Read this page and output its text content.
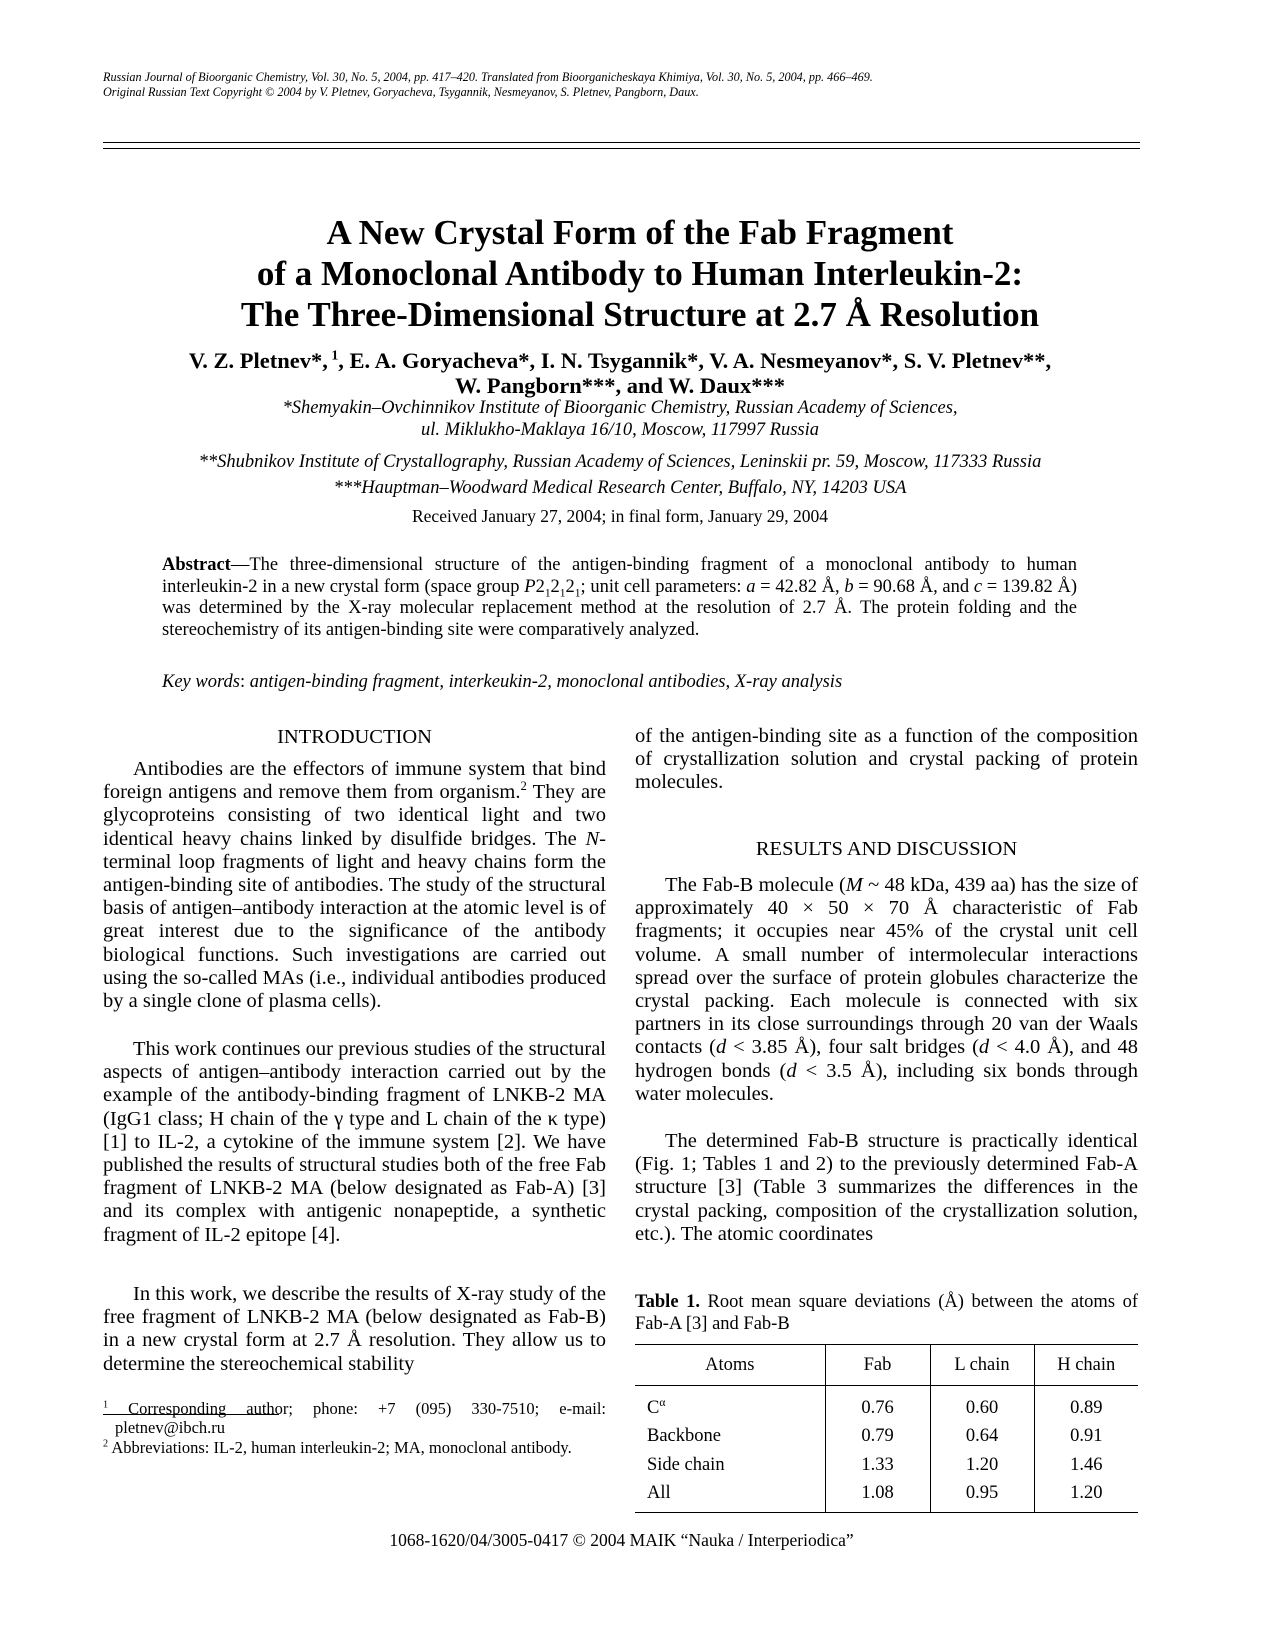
Russian Journal of Bioorganic Chemistry, Vol. 30, No. 5, 2004, pp. 417–420. Translated from Bioorganicheskaya Khimiya, Vol. 30, No. 5, 2004, pp. 466–469.
Original Russian Text Copyright © 2004 by V. Pletnev, Goryacheva, Tsygannik, Nesmeyanov, S. Pletnev, Pangborn, Daux.
A New Crystal Form of the Fab Fragment
of a Monoclonal Antibody to Human Interleukin-2:
The Three-Dimensional Structure at 2.7 Å Resolution
V. Z. Pletnev*, $^1$, E. A. Goryacheva*, I. N. Tsygannik*, V. A. Nesmeyanov*, S. V. Pletnev**,
W. Pangborn***, and W. Daux***
*Shemyakin–Ovchinnikov Institute of Bioorganic Chemistry, Russian Academy of Sciences,
ul. Miklukho-Maklaya 16/10, Moscow, 117997 Russia
**Shubnikov Institute of Crystallography, Russian Academy of Sciences, Leninskii pr. 59, Moscow, 117333 Russia
***Hauptman–Woodward Medical Research Center, Buffalo, NY, 14203 USA
Received January 27, 2004; in final form, January 29, 2004
Abstract—The three-dimensional structure of the antigen-binding fragment of a monoclonal antibody to human interleukin-2 in a new crystal form (space group $P2_12_12_1$; unit cell parameters: a = 42.82 Å, b = 90.68 Å, and c = 139.82 Å) was determined by the X-ray molecular replacement method at the resolution of 2.7 Å. The protein folding and the stereochemistry of its antigen-binding site were comparatively analyzed.
Key words: antigen-binding fragment, interkeukin-2, monoclonal antibodies, X-ray analysis
INTRODUCTION
Antibodies are the effectors of immune system that bind foreign antigens and remove them from organism.$^2$ They are glycoproteins consisting of two identical light and two identical heavy chains linked by disulfide bridges. The N-terminal loop fragments of light and heavy chains form the antigen-binding site of antibodies. The study of the structural basis of antigen–antibody interaction at the atomic level is of great interest due to the significance of the antibody biological functions. Such investigations are carried out using the so-called MAs (i.e., individual antibodies produced by a single clone of plasma cells).
This work continues our previous studies of the structural aspects of antigen–antibody interaction carried out by the example of the antibody-binding fragment of LNKB-2 MA (IgG1 class; H chain of the γ type and L chain of the κ type) [1] to IL-2, a cytokine of the immune system [2]. We have published the results of structural studies both of the free Fab fragment of LNKB-2 MA (below designated as Fab-A) [3] and its complex with antigenic nonapeptide, a synthetic fragment of IL-2 epitope [4].
In this work, we describe the results of X-ray study of the free fragment of LNKB-2 MA (below designated as Fab-B) in a new crystal form at 2.7 Å resolution. They allow us to determine the stereochemical stability
$^1$ Corresponding author; phone: +7 (095) 330-7510; e-mail: pletnev@ibch.ru
$^2$ Abbreviations: IL-2, human interleukin-2; MA, monoclonal antibody.
of the antigen-binding site as a function of the composition of crystallization solution and crystal packing of protein molecules.
RESULTS AND DISCUSSION
The Fab-B molecule (M ~ 48 kDa, 439 aa) has the size of approximately 40 × 50 × 70 Å characteristic of Fab fragments; it occupies near 45% of the crystal unit cell volume. A small number of intermolecular interactions spread over the surface of protein globules characterize the crystal packing. Each molecule is connected with six partners in its close surroundings through 20 van der Waals contacts (d < 3.85 Å), four salt bridges (d < 4.0 Å), and 48 hydrogen bonds (d < 3.5 Å), including six bonds through water molecules.
The determined Fab-B structure is practically identical (Fig. 1; Tables 1 and 2) to the previously determined Fab-A structure [3] (Table 3 summarizes the differences in the crystal packing, composition of the crystallization solution, etc.). The atomic coordinates
Table 1. Root mean square deviations (Å) between the atoms of Fab-A [3] and Fab-B
Atoms	Fab	L chain	H chain
$C^\alpha$	0.76	0.60	0.89
Backbone	0.79	0.64	0.91
Side chain	1.33	1.20	1.46
All	1.08	0.95	1.20
1068-1620/04/3005-0417 © 2004 MAIK “Nauka / Interperiodica”
